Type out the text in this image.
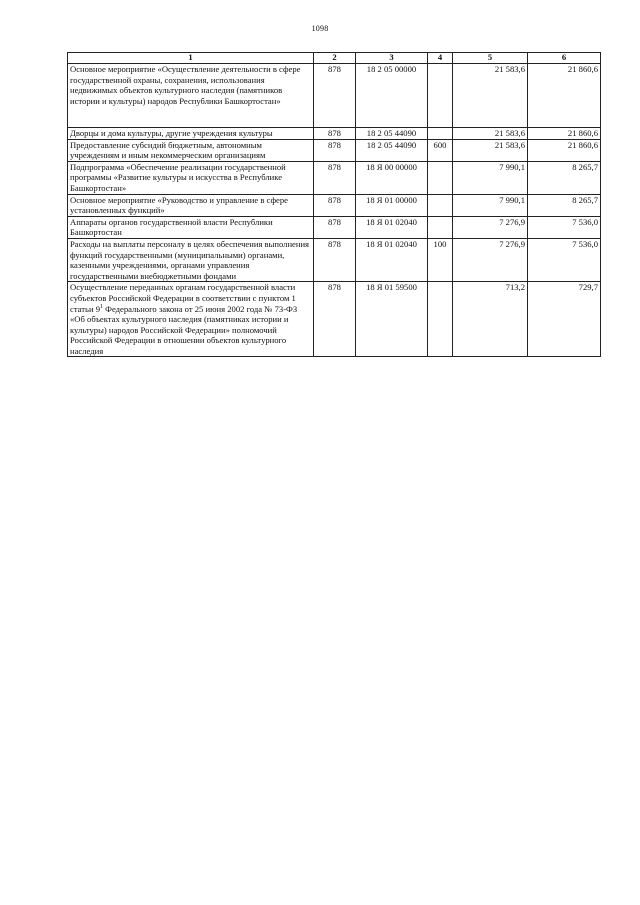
1098
1	2	3	4	5	6
Основное мероприятие «Осуществление деятельности в сфере государственной охраны, сохранения, использования недвижимых объектов культурного наследия (памятников истории и культуры) народов Республики Башкортостан»	878	18 2 05 00000		21 583,6	21 860,6
Дворцы и дома культуры, другие учреждения культуры	878	18 2 05 44090		21 583,6	21 860,6
Предоставление субсидий бюджетным, автономным учреждениям и иным некоммерческим организациям	878	18 2 05 44090	600	21 583,6	21 860,6
Подпрограмма «Обеспечение реализации государственной программы «Развитие культуры и искусства в Республике Башкортостан»	878	18 Я 00 00000		7 990,1	8 265,7
Основное мероприятие «Руководство и управление в сфере установленных функций»	878	18 Я 01 00000		7 990,1	8 265,7
Аппараты органов государственной власти Республики Башкортостан	878	18 Я 01 02040		7 276,9	7 536,0
Расходы на выплаты персоналу в целях обеспечения выполнения функций государственными (муниципальными) органами, казенными учреждениями, органами управления государственными внебюджетными фондами	878	18 Я 01 02040	100	7 276,9	7 536,0
Осуществление переданных органам государственной власти субъектов Российской Федерации в соответствии с пунктом 1 статьи $9^1$ Федерального закона от 25 июня 2002 года № 73-ФЗ «Об объектах культурного наследия (памятниках истории и культуры) народов Российской Федерации» полномочий Российской Федерации в отношении объектов культурного наследия	878	18 Я 01 59500		713,2	729,7
